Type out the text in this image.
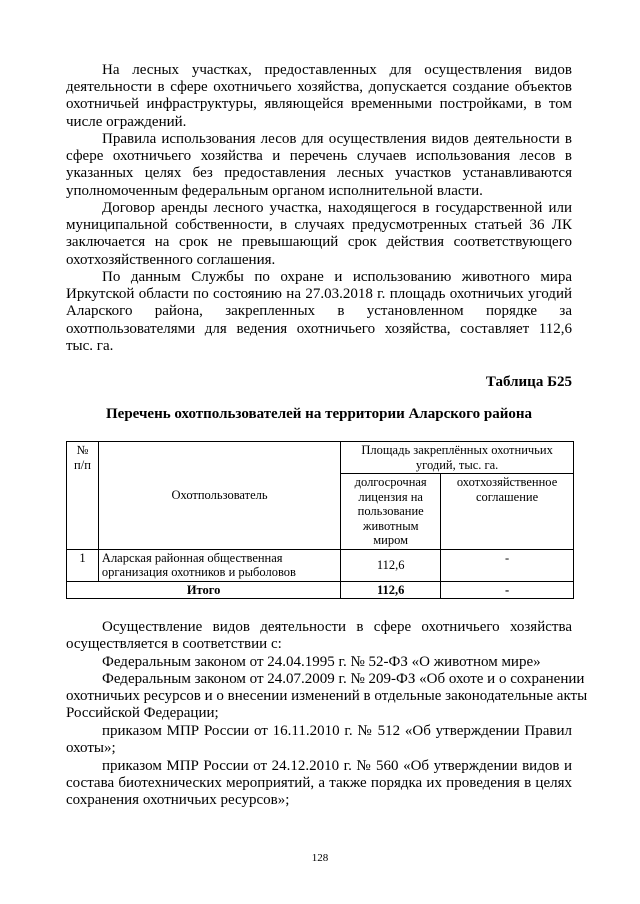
На лесных участках, предоставленных для осуществления видов
деятельности в сфере охотничьего хозяйства, допускается создание объектов
охотничьей инфраструктуры, являющейся временными постройками, в том
числе ограждений.
Правила использования лесов для осуществления видов деятельности в
сфере охотничьего хозяйства и перечень случаев использования лесов в
указанных целях без предоставления лесных участков устанавливаются
уполномоченным федеральным органом исполнительной власти.
Договор аренды лесного участка, находящегося в государственной или
муниципальной собственности, в случаях предусмотренных статьей 36 ЛК
заключается на срок не превышающий срок действия соответствующего
охотхозяйственного соглашения.
По данным Службы по охране и использованию животного мира
Иркутской области по состоянию на 27.03.2018 г. площадь охотничьих угодий
Аларского района, закрепленных в установленном порядке за
охотпользователями для ведения охотничьего хозяйства, составляет 112,6
тыс. га.
Таблица Б25
Перечень охотпользователей на территории Аларского района
№ п/п	Охотпользователь	Площадь закреплённых охотничьих угодий, тыс. га.	
		долгосрочная лицензия на пользование животным миром	охотхозяйственное соглашение
1	Аларская районная общественная организация охотников и рыболовов	112,6	-
Итого		112,6	-
Осуществление видов деятельности в сфере охотничьего хозяйства
осуществляется в соответствии с:
Федеральным законом от 24.04.1995 г. № 52-ФЗ «О животном мире»
Федеральным законом от 24.07.2009 г. № 209-ФЗ «Об охоте и о сохранении
охотничьих ресурсов и о внесении изменений в отдельные законодательные акты
Российской Федерации;
приказом МПР России от 16.11.2010 г. № 512 «Об утверждении Правил
охоты»;
приказом МПР России от 24.12.2010 г. № 560 «Об утверждении видов и
состава биотехнических мероприятий, а также порядка их проведения в целях
сохранения охотничьих ресурсов»;
128
